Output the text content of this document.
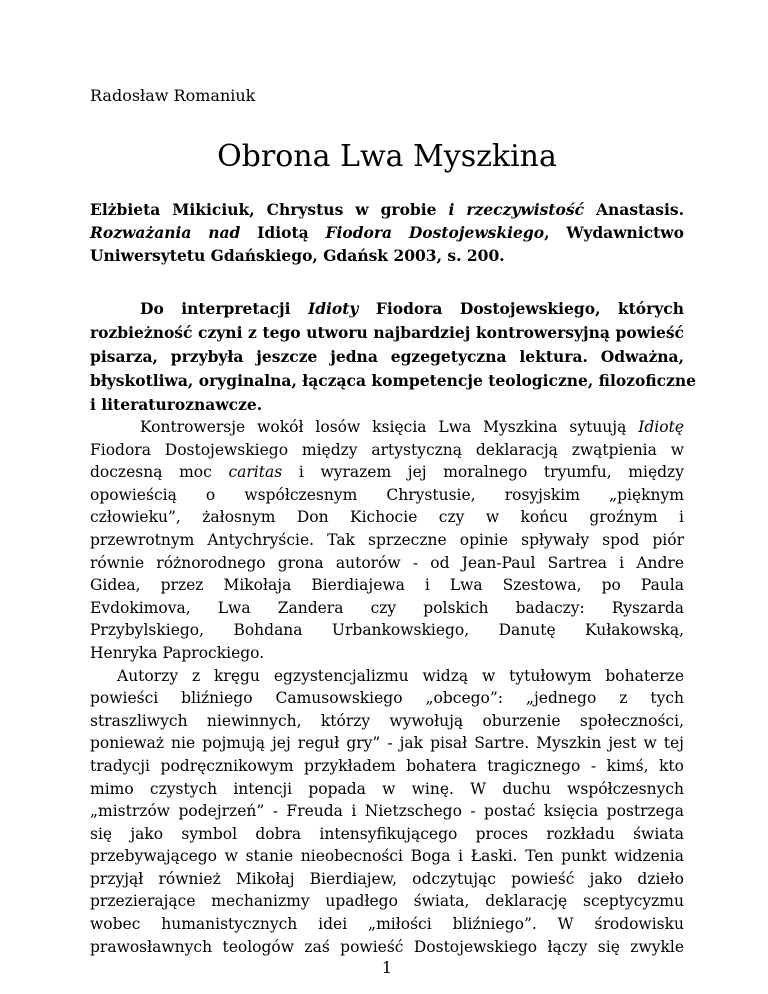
Radosław Romaniuk
Obrona Lwa Myszkina
Elżbieta Mikiciuk, Chrystus w grobie i rzeczywistość Anastasis.
Rozważania nad Idiotą Fiodora Dostojewskiego, Wydawnictwo
Uniwersytetu Gdańskiego, Gdańsk 2003, s. 200.
Do interpretacji Idioty Fiodora Dostojewskiego, których
rozbieżność czyni z tego utworu najbardziej kontrowersyjną powieść
pisarza, przybyła jeszcze jedna egzegetyczna lektura. Odważna,
błyskotliwa, oryginalna, łącząca kompetencje teologiczne, filozoficzne
i literaturoznawcze.
Kontrowersje wokół losów księcia Lwa Myszkina sytuują Idiotę
Fiodora Dostojewskiego między artystyczną deklaracją zwątpienia w
doczesną moc caritas i wyrazem jej moralnego tryumfu, między
opowieścią o współczesnym Chrystusie, rosyjskim „pięknym
człowieku”, żałosnym Don Kichocie czy w końcu groźnym i
przewrotnym Antychryście. Tak sprzeczne opinie spływały spod piór
równie różnorodnego grona autorów - od Jean-Paul Sartrea i Andre
Gidea, przez Mikołaja Bierdiajewa i Lwa Szestowa, po Paula
Evdokimova, Lwa Zandera czy polskich badaczy: Ryszarda
Przybylskiego, Bohdana Urbankowskiego, Danutę Kułakowską,
Henryka Paprockiego.
Autorzy z kręgu egzystencjalizmu widzą w tytułowym bohaterze
powieści bliźniego Camusowskiego „obcego”: „jednego z tych
straszliwych niewinnych, którzy wywołują oburzenie społeczności,
ponieważ nie pojmują jej reguł gry” - jak pisał Sartre. Myszkin jest w tej
tradycji podręcznikowym przykładem bohatera tragicznego - kimś, kto
mimo czystych intencji popada w winę. W duchu współczesnych
„mistrzów podejrzeń” - Freuda i Nietzschego - postać księcia postrzega
się jako symbol dobra intensyfikującego proces rozkładu świata
przebywającego w stanie nieobecności Boga i Łaski. Ten punkt widzenia
przyjął również Mikołaj Bierdiajew, odczytując powieść jako dzieło
przezierające mechanizmy upadłego świata, deklarację sceptycyzmu
wobec humanistycznych idei „miłości bliźniego”. W środowisku
prawosławnych teologów zaś powieść Dostojewskiego łączy się zwykle
1
